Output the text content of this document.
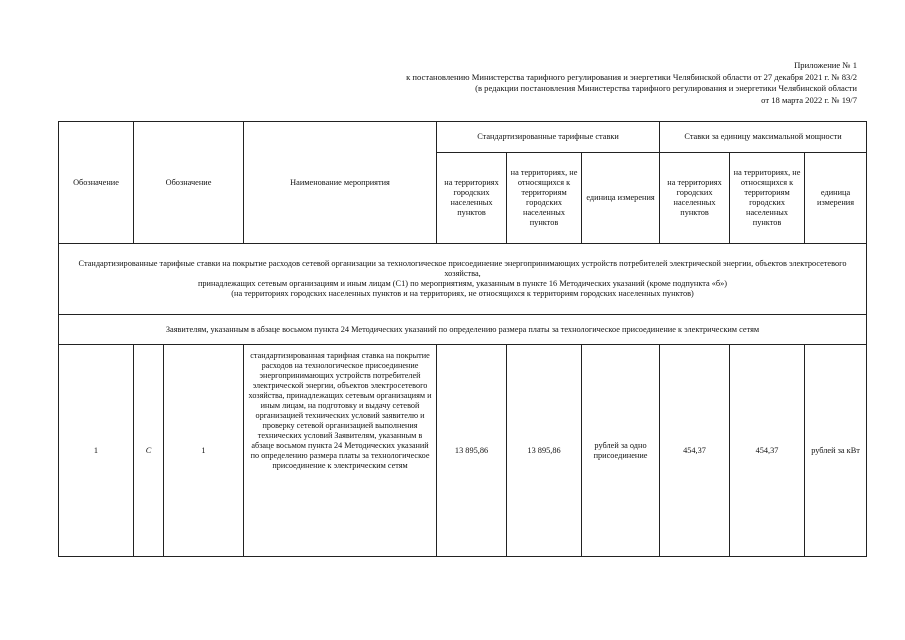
Приложение № 1
к постановлению Министерства тарифного регулирования и энергетики Челябинской области от 27 декабря 2021 г. № 83/2
(в редакции постановления Министерства тарифного регулирования и энергетики Челябинской области
от 18 марта 2022 г. № 19/7
Обозначение	Обозначение		Наименование мероприятия	Стандартизированные тарифные ставки			Ставки за единицу максимальной мощности		
				на территориях городских населенных пунктов	на территориях, не относящихся к территориям городских населенных пунктов	единица измерения	на территориях городских населенных пунктов	на территориях, не относящихся к территориям городских населенных пунктов	единица измерения

Стандартизированные тарифные ставки на покрытие расходов сетевой организации за технологическое присоединение энергопринимающих устройств потребителей электрической энергии, объектов электросетевого хозяйства,
принадлежащих сетевым организациям и иным лицам (C1) по мероприятиям, указанным в пункте 16 Методических указаний (кроме подпункта «б»)
(на территориях городских населенных пунктов и на территориях, не относящихся к территориям городских населенных пунктов)									

Заявителям, указанным в абзаце восьмом пункта 24 Методических указаний по определению размера платы за технологическое присоединение к электрическим сетям									
1	С	1	стандартизированная тарифная ставка на покрытие расходов на технологическое присоединение энергопринимающих устройств потребителей электрической энергии, объектов электросетевого хозяйства, принадлежащих сетевым организациям и иным лицам, на подготовку и выдачу сетевой организацией технических условий заявителю и проверку сетевой организацией выполнения технических условий Заявителям, указанным в абзаце восьмом пункта 24 Методических указаний по определению размера платы за технологическое присоединение к электрическим сетям	13 895,86	13 895,86	рублей за одно присоединение	454,37	454,37	рублей за кВт
